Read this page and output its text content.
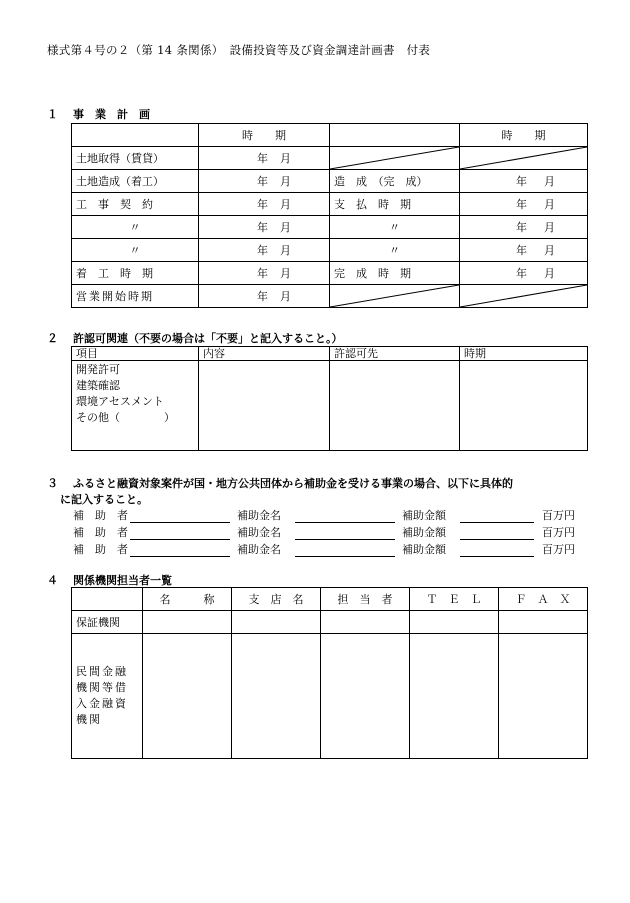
様式第４号の２（第 14 条関係）　設備投資等及び資金調達計画書　付表
１ 事　業　計　画
	時　　期		時　　期
土地取得（賃貸）	年 月

土地造成（着工）	年 月	造　成　（完　成）	年 月

工　事　契　約	年 月	支　払　時　期	年 月

〃	年 月	〃	年 月

〃	年 月	〃	年 月

着　工　時　期	年 月	完　成　時　期	年 月

営業開始時期	年 月

２ 許認可関連（不要の場合は「不要」と記入すること。）
項目	内容	許認可先	時期

開発許可
建築確認
環境アセスメント
その他（　　　　）			

３ ふるさと融資対象案件が国・地方公共団体から補助金を受ける事業の場合、以下に具体的
に記入すること。
補　助　者	補助金名	補助金額	百万円
補　助　者	補助金名	補助金額	百万円
補　助　者	補助金名	補助金額	百万円
４ 関係機関担当者一覧
	名　　　称	支　店　名	担　当　者	Ｔ　Ｅ　Ｌ	Ｆ　Ａ　Ｘ
保証機関					

民間金融
機関等借
入金融資
機関					
